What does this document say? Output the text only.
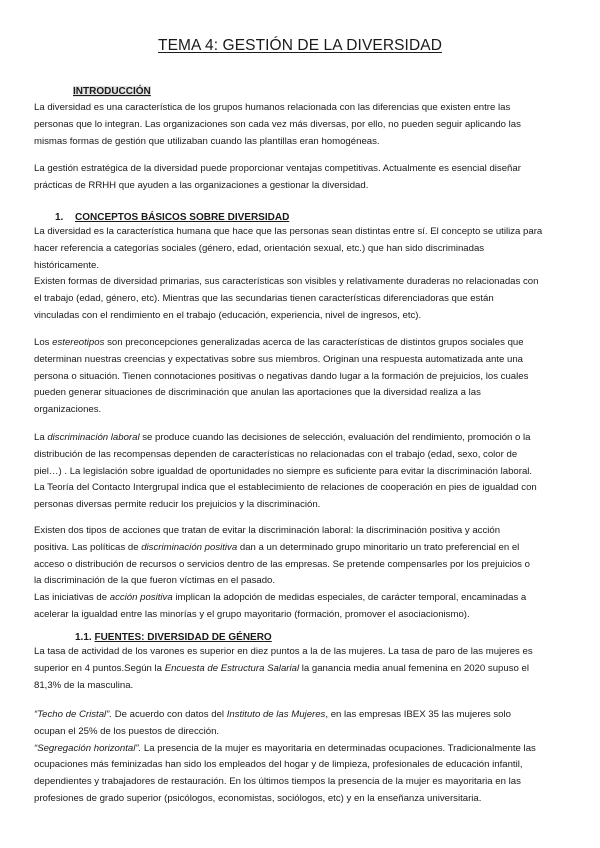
TEMA 4: GESTIÓN DE LA DIVERSIDAD
INTRODUCCIÓN
La diversidad es una característica de los grupos humanos relacionada con las diferencias que existen entre las
personas que lo integran. Las organizaciones son cada vez más diversas, por ello, no pueden seguir aplicando las
mismas formas de gestión que utilizaban cuando las plantillas eran homogéneas.
La gestión estratégica de la diversidad puede proporcionar ventajas competitivas. Actualmente es esencial diseñar
prácticas de RRHH que ayuden a las organizaciones a gestionar la diversidad.
1. CONCEPTOS BÁSICOS SOBRE DIVERSIDAD
La diversidad es la característica humana que hace que las personas sean distintas entre sí. El concepto se utiliza para
hacer referencia a categorías sociales (género, edad, orientación sexual, etc.) que han sido discriminadas
históricamente.
Existen formas de diversidad primarias, sus características son visibles y relativamente duraderas no relacionadas con
el trabajo (edad, género, etc). Mientras que las secundarias tienen características diferenciadoras que están
vinculadas con el rendimiento en el trabajo (educación, experiencia, nivel de ingresos, etc).
Los estereotipos son preconcepciones generalizadas acerca de las características de distintos grupos sociales que
determinan nuestras creencias y expectativas sobre sus miembros. Originan una respuesta automatizada ante una
persona o situación. Tienen connotaciones positivas o negativas dando lugar a la formación de prejuicios, los cuales
pueden generar situaciones de discriminación que anulan las aportaciones que la diversidad realiza a las
organizaciones.
La discriminación laboral se produce cuando las decisiones de selección, evaluación del rendimiento, promoción o la
distribución de las recompensas dependen de características no relacionadas con el trabajo (edad, sexo, color de
piel…) . La legislación sobre igualdad de oportunidades no siempre es suficiente para evitar la discriminación laboral.
La Teoría del Contacto Intergrupal indica que el establecimiento de relaciones de cooperación en pies de igualdad con
personas diversas permite reducir los prejuicios y la discriminación.
Existen dos tipos de acciones que tratan de evitar la discriminación laboral: la discriminación positiva y acción
positiva. Las políticas de discriminación positiva dan a un determinado grupo minoritario un trato preferencial en el
acceso o distribución de recursos o servicios dentro de las empresas. Se pretende compensarles por los prejuicios o
la discriminación de la que fueron víctimas en el pasado.
Las iniciativas de acción positiva implican la adopción de medidas especiales, de carácter temporal, encaminadas a
acelerar la igualdad entre las minorías y el grupo mayoritario (formación, promover el asociacionismo).
1.1. FUENTES: DIVERSIDAD DE GÉNERO
La tasa de actividad de los varones es superior en diez puntos a la de las mujeres. La tasa de paro de las mujeres es
superior en 4 puntos.Según la Encuesta de Estructura Salarial la ganancia media anual femenina en 2020 supuso el
81,3% de la masculina.
“Techo de Cristal”. De acuerdo con datos del Instituto de las Mujeres, en las empresas IBEX 35 las mujeres solo
ocupan el 25% de los puestos de dirección.
“Segregación horizontal”. La presencia de la mujer es mayoritaria en determinadas ocupaciones. Tradicionalmente las
ocupaciones más feminizadas han sido los empleados del hogar y de limpieza, profesionales de educación infantil,
dependientes y trabajadores de restauración. En los últimos tiempos la presencia de la mujer es mayoritaria en las
profesiones de grado superior (psicólogos, economistas, sociólogos, etc) y en la enseñanza universitaria.
